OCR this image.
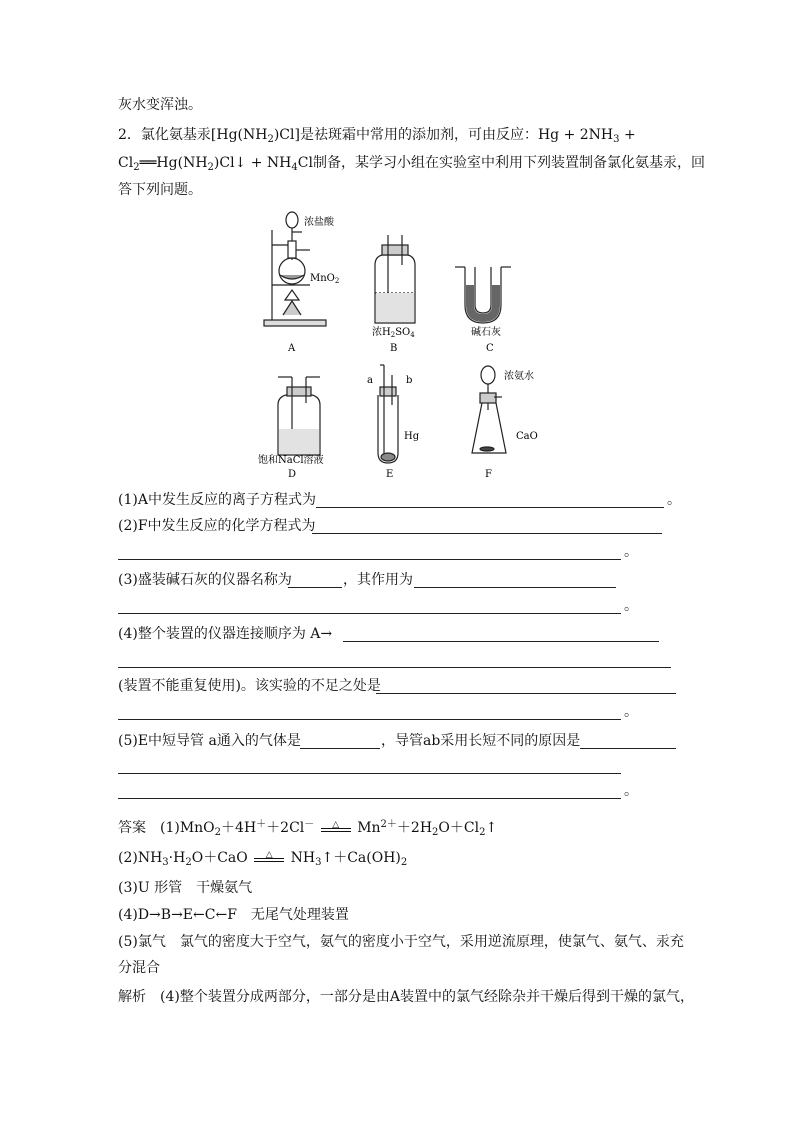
灰水变浑浊。
2．氯化氨基汞$[Hg(NH_2)Cl]$是祛斑霜中常用的添加剂，可由反应：$Hg + 2NH_3$ +
$Cl_2══Hg(NH_2)Cl↓ + NH_4Cl$制备，某学习小组在实验室中利用下列装置制备氯化氨基汞，回
答下列问题。
浓盐酸
MnO$_2$
A
浓$H_2SO_4$
B
碱石灰
C
饱和NaCl溶液
D
a	b
Hg
E
浓氨水
CaO
F
(1)A中发生反应的离子方程式为	。
(2)F中发生反应的化学方程式为
。
(3)盛装碱石灰的仪器名称为	，其作用为
。
(4)整个装置的仪器连接顺序为 A→
(装置不能重复使用)。该实验的不足之处是
。
(5)E中短导管 a通入的气体是	，导管ab采用长短不同的原因是
。
答案　 (1)MnO$_2$＋4H＋＋2Cl－	△	$Mn^{2+}+2H_2O+Cl_2↑$
$(2)NH_3\cdot H_2O+CaO$	△	$NH_3↑+Ca(OH)_2$
(3)U 形管　干燥氨气
(4)D→B→E←C←F　无尾气处理装置
(5)氯气　氯气的密度大于空气，氨气的密度小于空气，采用逆流原理，使氯气、氨气、汞充
分混合
解析　 (4)整个装置分成两部分，一部分是由A装置中的氯气经除杂并干燥后得到干燥的氯气，
